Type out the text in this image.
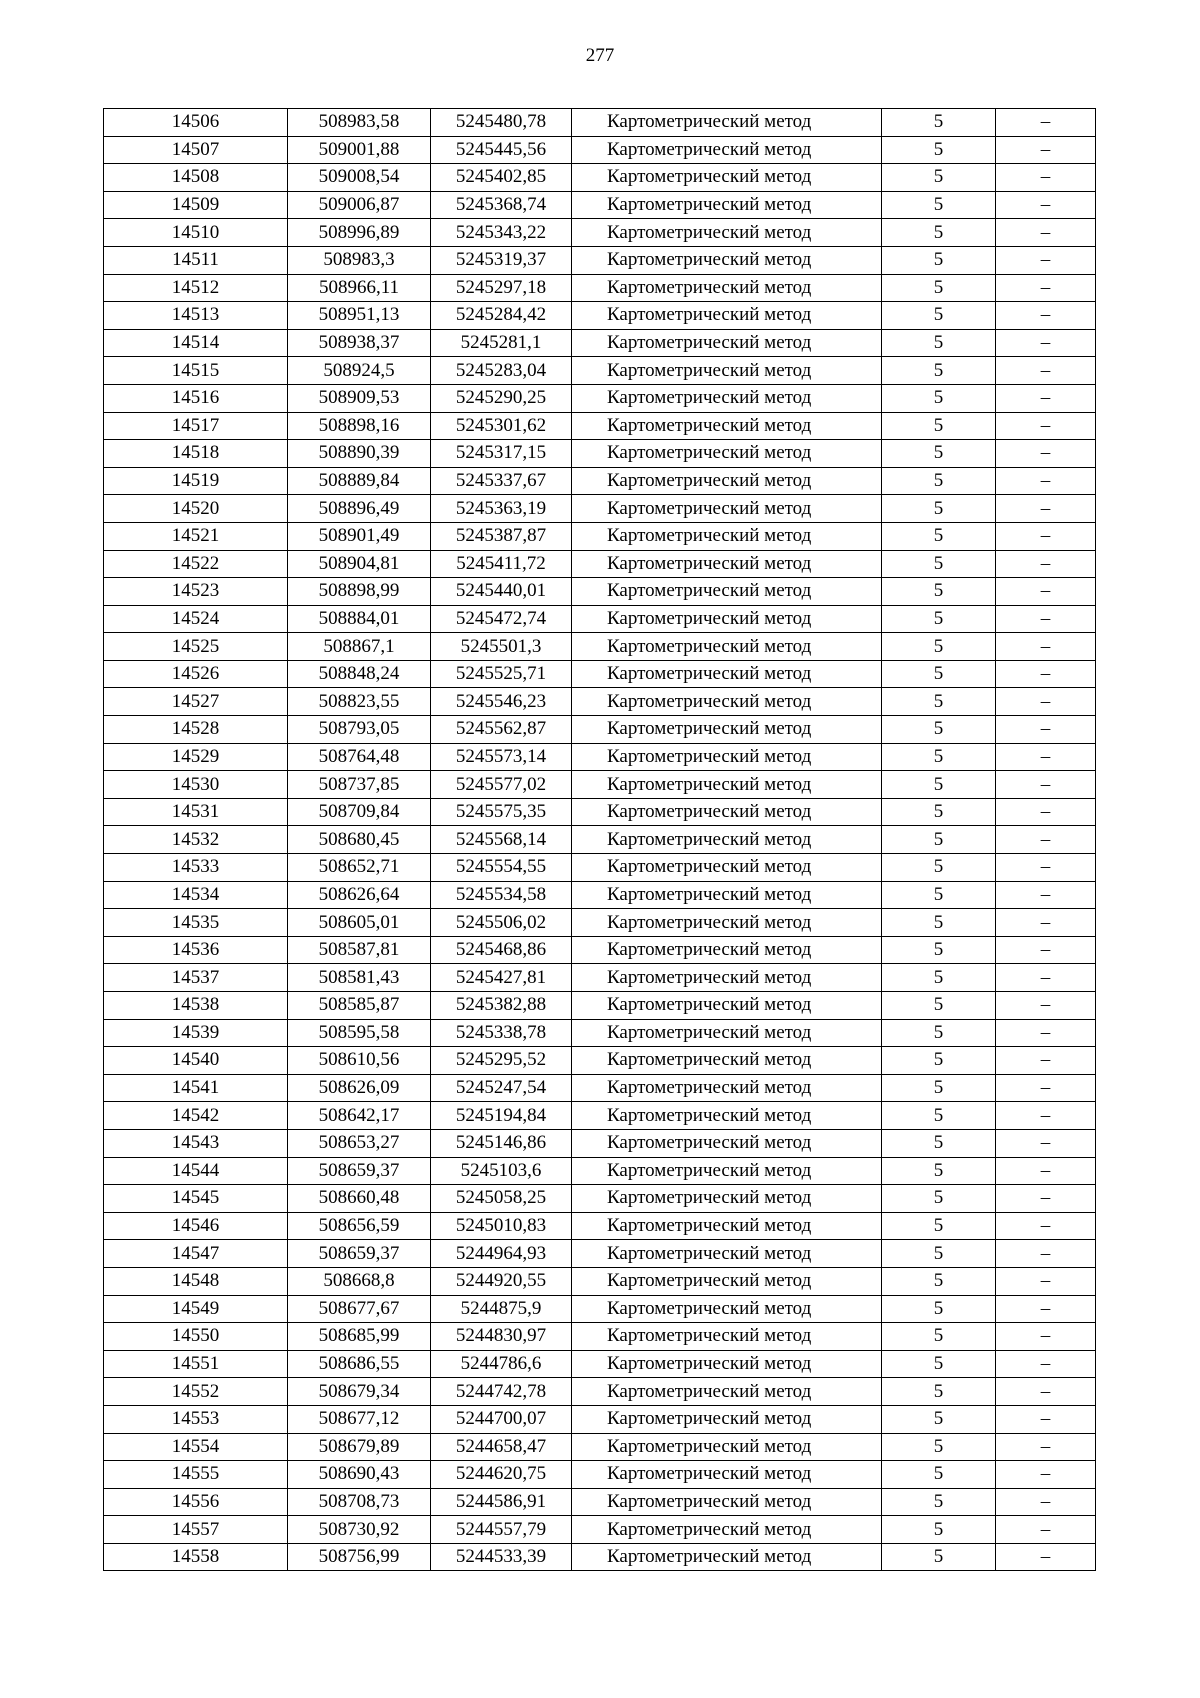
277
14506	508983,58	5245480,78	Картометрический метод	5	–
14507	509001,88	5245445,56	Картометрический метод	5	–
14508	509008,54	5245402,85	Картометрический метод	5	–
14509	509006,87	5245368,74	Картометрический метод	5	–
14510	508996,89	5245343,22	Картометрический метод	5	–
14511	508983,3	5245319,37	Картометрический метод	5	–
14512	508966,11	5245297,18	Картометрический метод	5	–
14513	508951,13	5245284,42	Картометрический метод	5	–
14514	508938,37	5245281,1	Картометрический метод	5	–
14515	508924,5	5245283,04	Картометрический метод	5	–
14516	508909,53	5245290,25	Картометрический метод	5	–
14517	508898,16	5245301,62	Картометрический метод	5	–
14518	508890,39	5245317,15	Картометрический метод	5	–
14519	508889,84	5245337,67	Картометрический метод	5	–
14520	508896,49	5245363,19	Картометрический метод	5	–
14521	508901,49	5245387,87	Картометрический метод	5	–
14522	508904,81	5245411,72	Картометрический метод	5	–
14523	508898,99	5245440,01	Картометрический метод	5	–
14524	508884,01	5245472,74	Картометрический метод	5	–
14525	508867,1	5245501,3	Картометрический метод	5	–
14526	508848,24	5245525,71	Картометрический метод	5	–
14527	508823,55	5245546,23	Картометрический метод	5	–
14528	508793,05	5245562,87	Картометрический метод	5	–
14529	508764,48	5245573,14	Картометрический метод	5	–
14530	508737,85	5245577,02	Картометрический метод	5	–
14531	508709,84	5245575,35	Картометрический метод	5	–
14532	508680,45	5245568,14	Картометрический метод	5	–
14533	508652,71	5245554,55	Картометрический метод	5	–
14534	508626,64	5245534,58	Картометрический метод	5	–
14535	508605,01	5245506,02	Картометрический метод	5	–
14536	508587,81	5245468,86	Картометрический метод	5	–
14537	508581,43	5245427,81	Картометрический метод	5	–
14538	508585,87	5245382,88	Картометрический метод	5	–
14539	508595,58	5245338,78	Картометрический метод	5	–
14540	508610,56	5245295,52	Картометрический метод	5	–
14541	508626,09	5245247,54	Картометрический метод	5	–
14542	508642,17	5245194,84	Картометрический метод	5	–
14543	508653,27	5245146,86	Картометрический метод	5	–
14544	508659,37	5245103,6	Картометрический метод	5	–
14545	508660,48	5245058,25	Картометрический метод	5	–
14546	508656,59	5245010,83	Картометрический метод	5	–
14547	508659,37	5244964,93	Картометрический метод	5	–
14548	508668,8	5244920,55	Картометрический метод	5	–
14549	508677,67	5244875,9	Картометрический метод	5	–
14550	508685,99	5244830,97	Картометрический метод	5	–
14551	508686,55	5244786,6	Картометрический метод	5	–
14552	508679,34	5244742,78	Картометрический метод	5	–
14553	508677,12	5244700,07	Картометрический метод	5	–
14554	508679,89	5244658,47	Картометрический метод	5	–
14555	508690,43	5244620,75	Картометрический метод	5	–
14556	508708,73	5244586,91	Картометрический метод	5	–
14557	508730,92	5244557,79	Картометрический метод	5	–
14558	508756,99	5244533,39	Картометрический метод	5	–
